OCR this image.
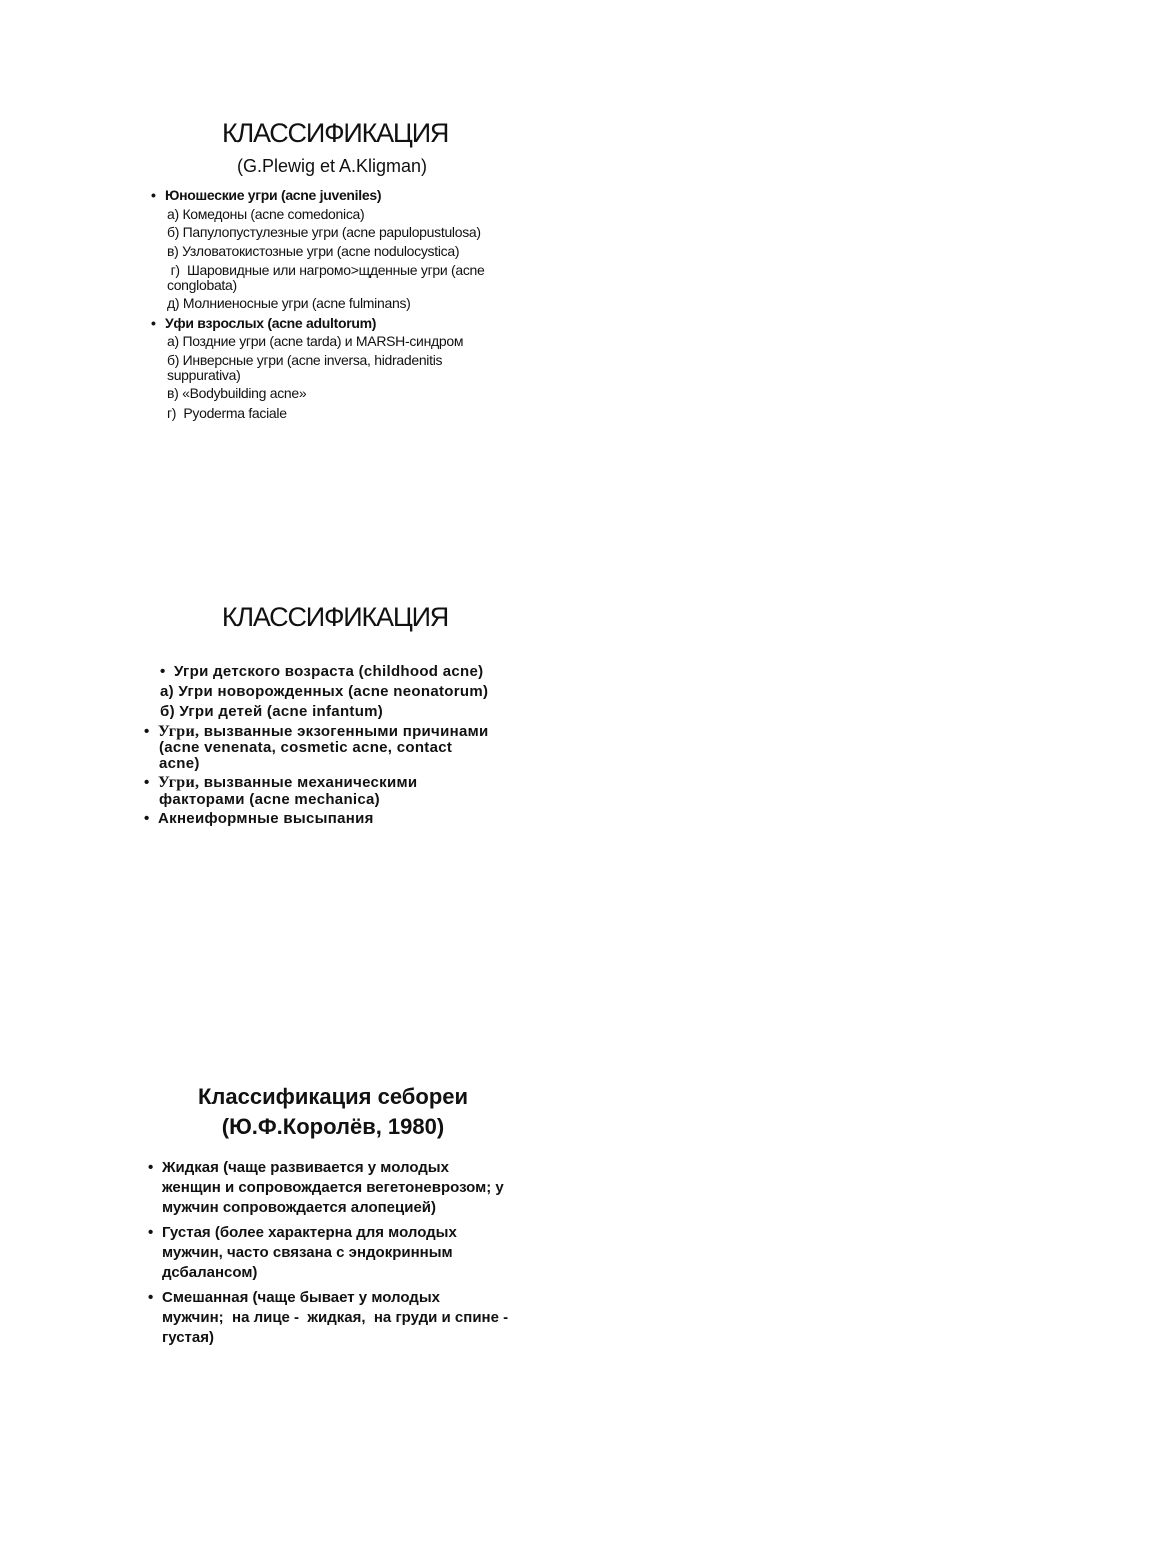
КЛАССИФИКАЦИЯ
(G.Plewig et A.Kligman)
• Юношеские угри (acne juveniles)
а) Комедоны (acne comedonica)
б) Папулопустулезные угри (acne papulopustulosa)
в) Узловатокистозные угри (acne nodulocystica)
г)  Шаровидные или нагромо>щденные угри (acne
conglobata)
д) Молниеносные угри (acne fulminans)
• Уфи взрослых (acne adultorum)
а) Поздние угри (acne tarda) и MARSH-синдром
б) Инверсные угри (acne inversa, hidradenitis
suppurativa)
в) «Bodybuilding acne»
г)  Pyoderma faciale
КЛАССИФИКАЦИЯ
• Угри детского возраста (childhood acne)
а) Угри новорожденных (acne neonatorum)
б) Угри детей (acne infantum)
• Угри, вызванные экзогенными причинами
(acne venenata, cosmetic acne, contact
acne)
• Угри, вызванные механическими
факторами (acne mechanica)
• Акнеиформные высыпания
Классификация себореи
(Ю.Ф.Королёв, 1980)
• Жидкая (чаще развивается у молодых
женщин и сопровождается вегетоневрозом; у
мужчин сопровождается алопецией)
• Густая (более характерна для молодых
мужчин, часто связана с эндокринным
дсбалансом)
• Смешанная (чаще бывает у молодых
мужчин;  на лице -  жидкая,  на груди и спине -
густая)
